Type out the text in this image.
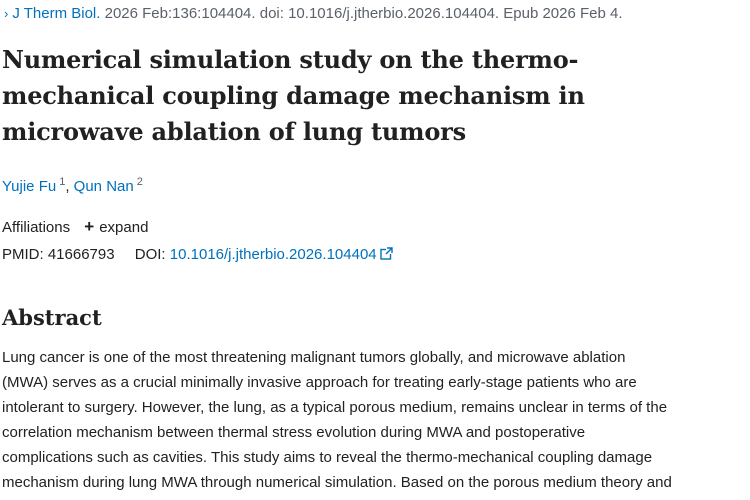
› J Therm Biol. 2026 Feb:136:104404. doi: 10.1016/j.jtherbio.2026.104404. Epub 2026 Feb 4.
Numerical simulation study on the thermo-
mechanical coupling damage mechanism in
microwave ablation of lung tumors
Yujie Fu $^1$, Qun Nan $^2$
Affiliations + expand
PMID: 41666793 DOI: 10.1016/j.jtherbio.2026.104404
Abstract

Lung cancer is one of the most threatening malignant tumors globally, and microwave ablation
(MWA) serves as a crucial minimally invasive approach for treating early-stage patients who are
intolerant to surgery. However, the lung, as a typical porous medium, remains unclear in terms of the
correlation mechanism between thermal stress evolution during MWA and postoperative
complications such as cavities. This study aims to reveal the thermo-mechanical coupling damage
mechanism during lung MWA through numerical simulation. Based on the porous medium theory and
